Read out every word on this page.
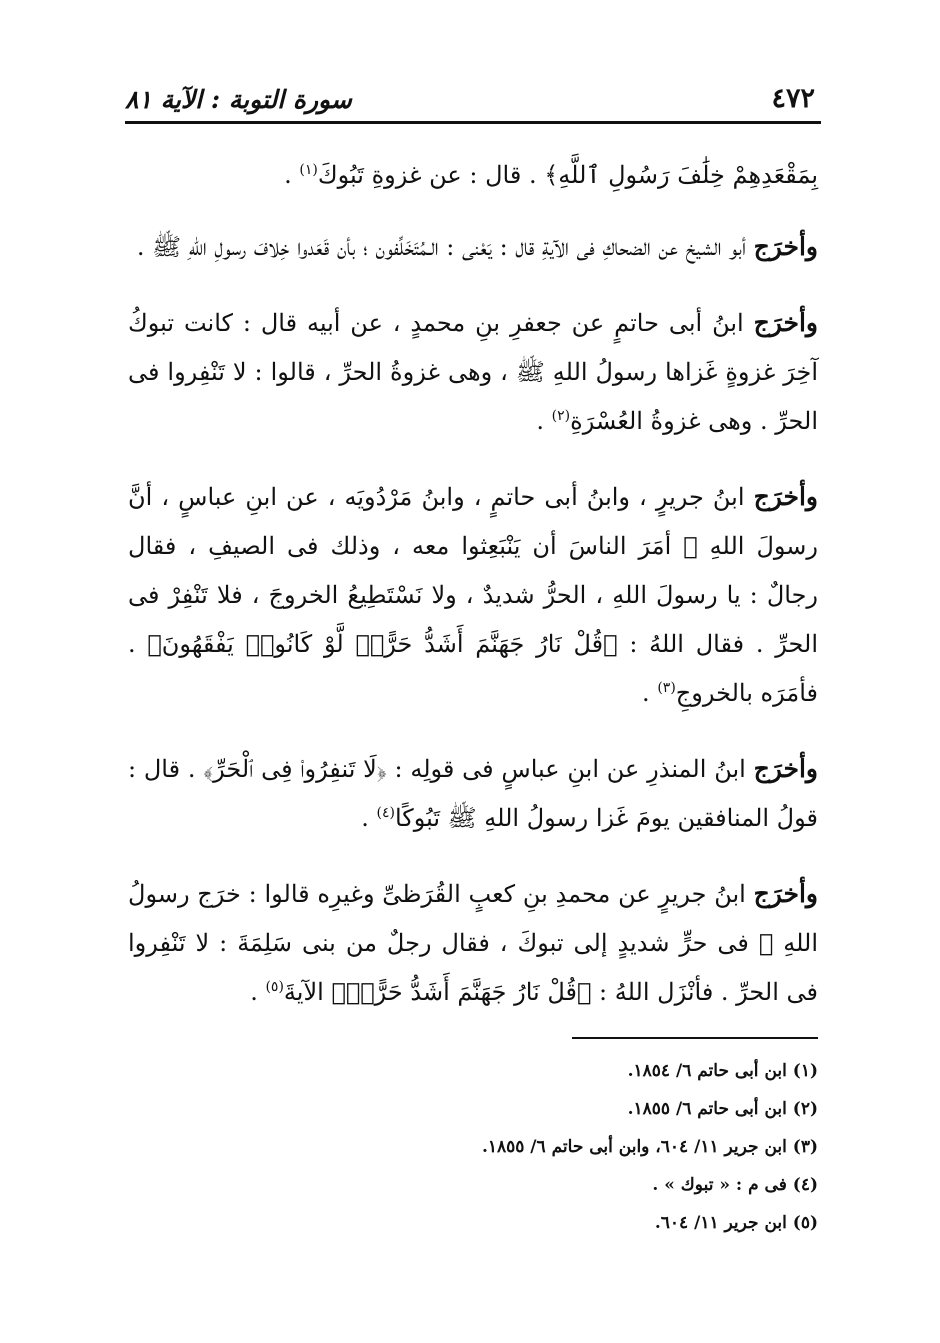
٤٧٢
سورة التوبة : الآية ٨١

بِمَقْعَدِهِمْ خِلَٰفَ رَسُولِ ٱللَّهِ﴾ . قال : عن غزوةِ تَبُوكَ$^{(١)}$ .

وأخرَج أبو الشيخ عن الضحاكِ فى الآيةِ قال : يَعْنى : الـمُتَخَلِّفون ؛ بأن قَعَدوا خِلافَ رسولِ اللهِ ﷺ .

وأخرَج ابنُ أبى حاتمٍ عن جعفرِ بنِ محمدٍ ، عن أبيه قال : كانت تبوكُ آخِرَ غزوةٍ غَزاها رسولُ اللهِ ﷺ ، وهى غزوةُ الحرِّ ، قالوا : لا تَنْفِروا فى الحرِّ . وهى غزوةُ العُسْرَةِ$^{(٢)}$ .

وأخرَج ابنُ جريرٍ ، وابنُ أبى حاتمٍ ، وابنُ مَرْدُويَه ، عن ابنِ عباسٍ ، أنَّ رسولَ اللهِ ﷺ أمَرَ الناسَ أن يَنْبَعِثوا معه ، وذلك فى الصيفِ ، فقال رجالٌ : يا رسولَ اللهِ ، الحرُّ شديدٌ ، ولا نَسْتَطِيعُ الخروجَ ، فلا تَنْفِرْ فى الحرِّ . فقال اللهُ : ﴿قُلْ نَارُ جَهَنَّمَ أَشَدُّ حَرًّاۚ لَّوْ كَانُوا۟ يَفْقَهُونَ﴾ . فأمَرَه بالخروجِ$^{(٣)}$ .

وأخرَج ابنُ المنذرِ عن ابنِ عباسٍ فى قولِه : ﴿لَا تَنفِرُوا۟ فِى ٱلْحَرِّ﴾ . قال : قولُ المنافقين يومَ غَزا رسولُ اللهِ ﷺ تَبُوكًا$^{(٤)}$ .

وأخرَج ابنُ جريرٍ عن محمدِ بنِ كعبٍ القُرَظىِّ وغيرِه قالوا : خرَج رسولُ اللهِ ﷺ فى حرٍّ شديدٍ إلى تبوكَ ، فقال رجلٌ من بنى سَلِمَةَ : لا تَنْفِروا فى الحرِّ . فأنْزَل اللهُ : ﴿قُلْ نَارُ جَهَنَّمَ أَشَدُّ حَرًّاۚ﴾ الآيةَ$^{(٥)}$ .

(١) ابن أبى حاتم ٦/ ١٨٥٤.

(٢) ابن أبى حاتم ٦/ ١٨٥٥.

(٣) ابن جرير ١١/ ٦٠٤، وابن أبى حاتم ٦/ ١٨٥٥.

(٤) فى م : « تبوك » .

(٥) ابن جرير ١١/ ٦٠٤.
